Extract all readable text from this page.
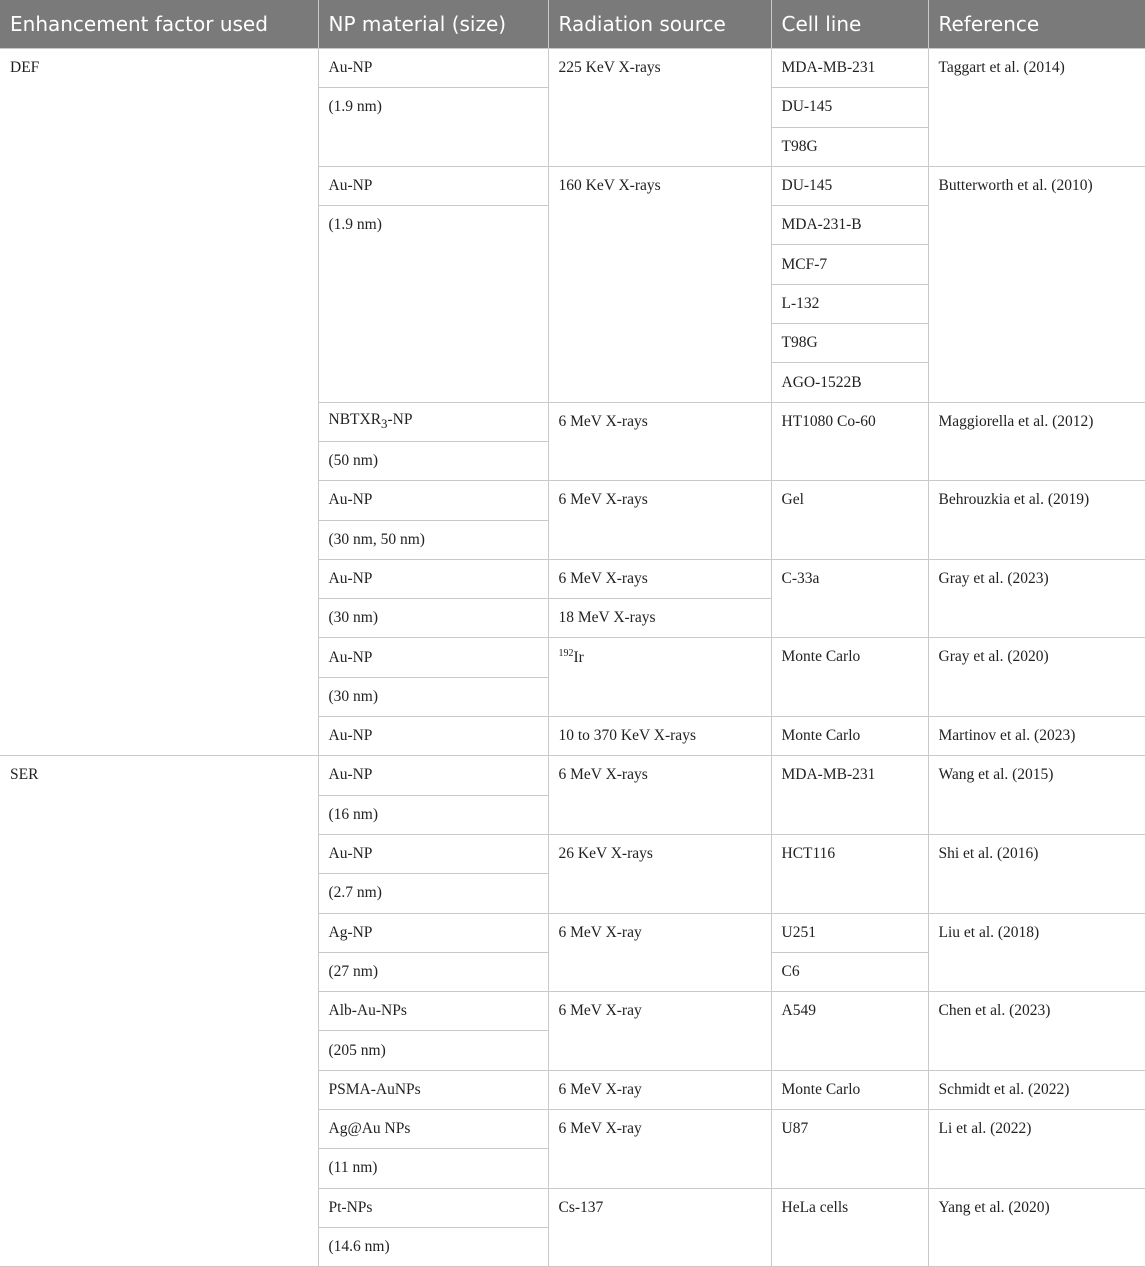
Enhancement factor used	NP material (size)	Radiation source	Cell line	Reference
DEF	Au-NP	225 KeV X-rays	MDA-MB-231	Taggart et al. (2014)
	(1.9 nm)		DU-145	
			T98G	
	Au-NP	160 KeV X-rays	DU-145	Butterworth et al. (2010)
	(1.9 nm)		MDA-231-B	
			MCF-7	
			L-132	
			T98G	
			AGO-1522B	
	$NBTXR_3-NP$	6 MeV X-rays	HT1080 Co-60	Maggiorella et al. (2012)
	(50 nm)			
	Au-NP	6 MeV X-rays	Gel	Behrouzkia et al. (2019)
	(30 nm, 50 nm)			
	Au-NP	6 MeV X-rays	C-33a	Gray et al. (2023)
	(30 nm)	18 MeV X-rays		
	Au-NP	$^{192}$Ir	Monte Carlo	Gray et al. (2020)
	(30 nm)			
	Au-NP	10 to 370 KeV X-rays	Monte Carlo	Martinov et al. (2023)
SER	Au-NP	6 MeV X-rays	MDA-MB-231	Wang et al. (2015)
	(16 nm)			
	Au-NP	26 KeV X-rays	HCT116	Shi et al. (2016)
	(2.7 nm)			
	Ag-NP	6 MeV X-ray	U251	Liu et al. (2018)
	(27 nm)		C6	
	Alb-Au-NPs	6 MeV X-ray	A549	Chen et al. (2023)
	(205 nm)			
	PSMA-AuNPs	6 MeV X-ray	Monte Carlo	Schmidt et al. (2022)
	Ag@Au NPs	6 MeV X-ray	U87	Li et al. (2022)
	(11 nm)			
	Pt-NPs	Cs-137	HeLa cells	Yang et al. (2020)
	(14.6 nm)			
